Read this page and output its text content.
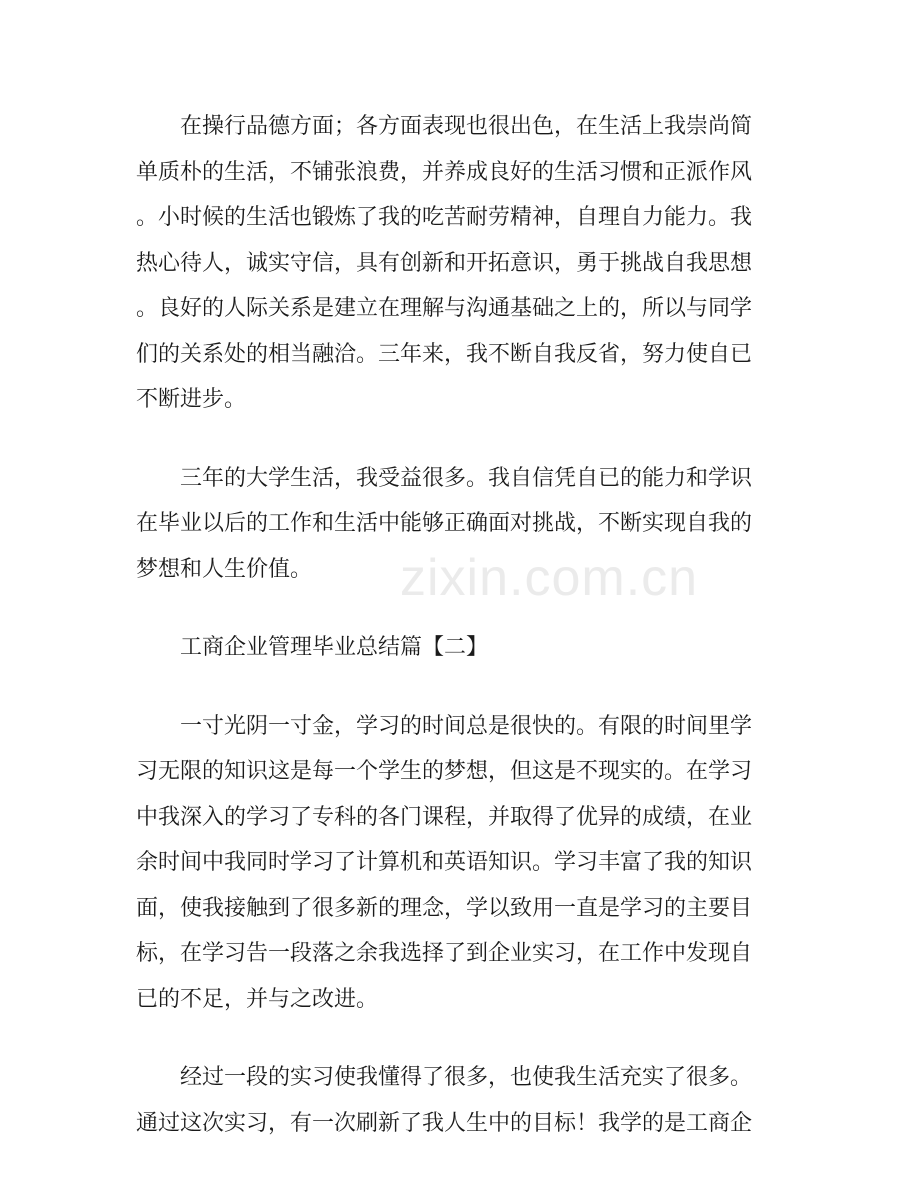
zixin.com.cn
在操行品德方面；各方面表现也很出色，在生活上我崇尚简
单质朴的生活，不铺张浪费，并养成良好的生活习惯和正派作风
。小时候的生活也锻炼了我的吃苦耐劳精神，自理自力能力。我
热心待人，诚实守信，具有创新和开拓意识，勇于挑战自我思想
。良好的人际关系是建立在理解与沟通基础之上的，所以与同学
们的关系处的相当融洽。三年来，我不断自我反省，努力使自已
不断进步。
三年的大学生活，我受益很多。我自信凭自已的能力和学识
在毕业以后的工作和生活中能够正确面对挑战，不断实现自我的
梦想和人生价值。
工商企业管理毕业总结篇【二】
一寸光阴一寸金，学习的时间总是很快的。有限的时间里学
习无限的知识这是每一个学生的梦想，但这是不现实的。在学习
中我深入的学习了专科的各门课程，并取得了优异的成绩，在业
余时间中我同时学习了计算机和英语知识。学习丰富了我的知识
面，使我接触到了很多新的理念，学以致用一直是学习的主要目
标，在学习告一段落之余我选择了到企业实习，在工作中发现自
已的不足，并与之改进。
经过一段的实习使我懂得了很多，也使我生活充实了很多。
通过这次实习，有一次刷新了我人生中的目标！我学的是工商企
